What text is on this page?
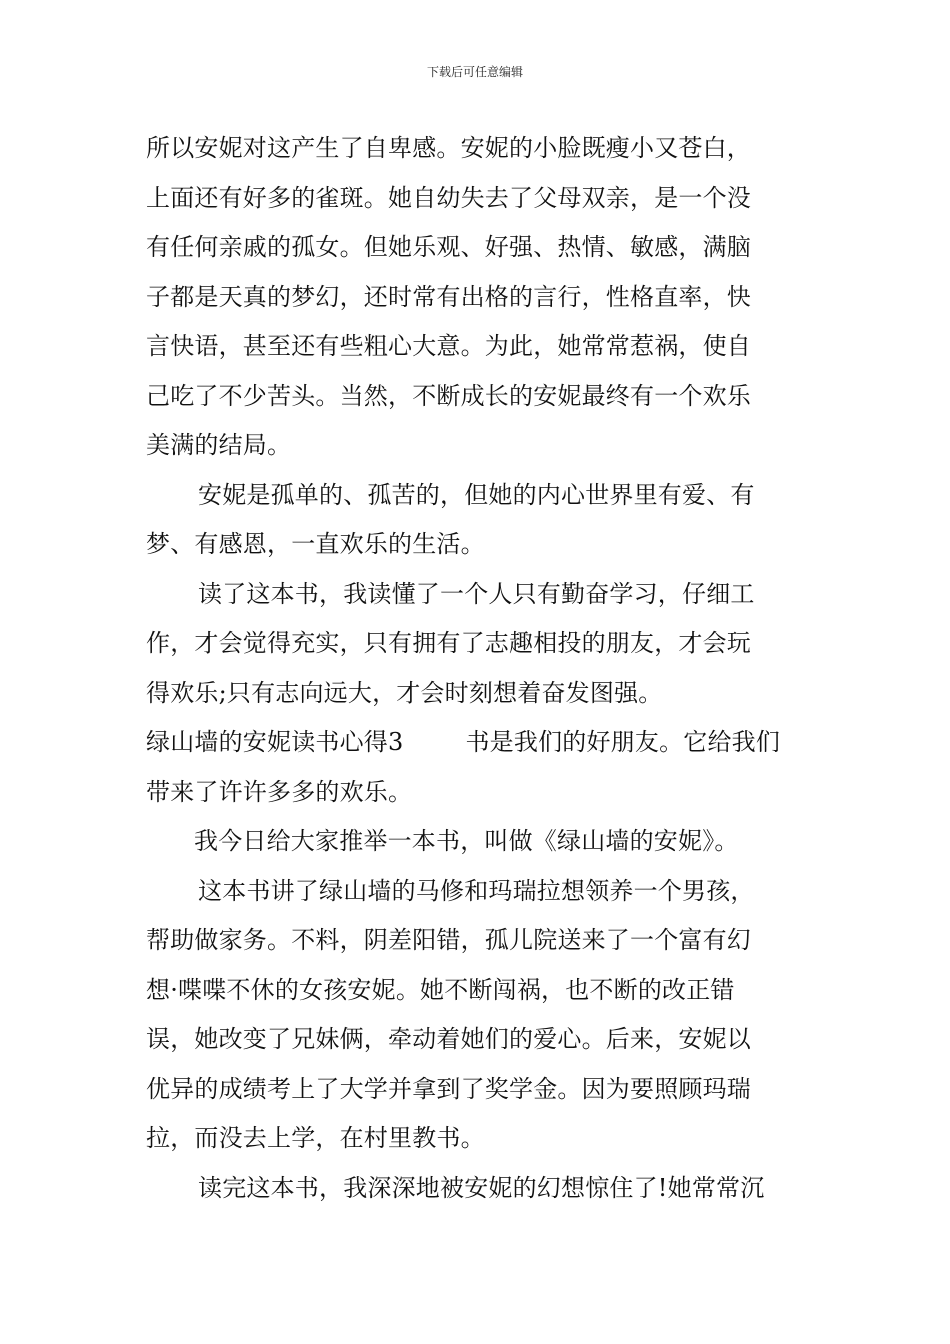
下载后可任意编辑
所以安妮对这产生了自卑感。安妮的小脸既瘦小又苍白，
上面还有好多的雀斑。她自幼失去了父母双亲，是一个没
有任何亲戚的孤女。但她乐观、好强、热情、敏感，满脑
子都是天真的梦幻，还时常有出格的言行，性格直率，快
言快语，甚至还有些粗心大意。为此，她常常惹祸，使自
己吃了不少苦头。当然，不断成长的安妮最终有一个欢乐
美满的结局。
安妮是孤单的、孤苦的，但她的内心世界里有爱、有
梦、有感恩，一直欢乐的生活。
读了这本书，我读懂了一个人只有勤奋学习，仔细工
作，才会觉得充实，只有拥有了志趣相投的朋友，才会玩
得欢乐;只有志向远大，才会时刻想着奋发图强。
绿山墙的安妮读书心得3	书是我们的好朋友。它给我们
带来了许许多多的欢乐。
我今日给大家推举一本书，叫做《绿山墙的安妮》。
这本书讲了绿山墙的马修和玛瑞拉想领养一个男孩，
帮助做家务。不料，阴差阳错，孤儿院送来了一个富有幻
想·喋喋不休的女孩安妮。她不断闯祸，也不断的改正错
误，她改变了兄妹俩，牵动着她们的爱心。后来，安妮以
优异的成绩考上了大学并拿到了奖学金。因为要照顾玛瑞
拉，而没去上学，在村里教书。
读完这本书，我深深地被安妮的幻想惊住了!她常常沉
